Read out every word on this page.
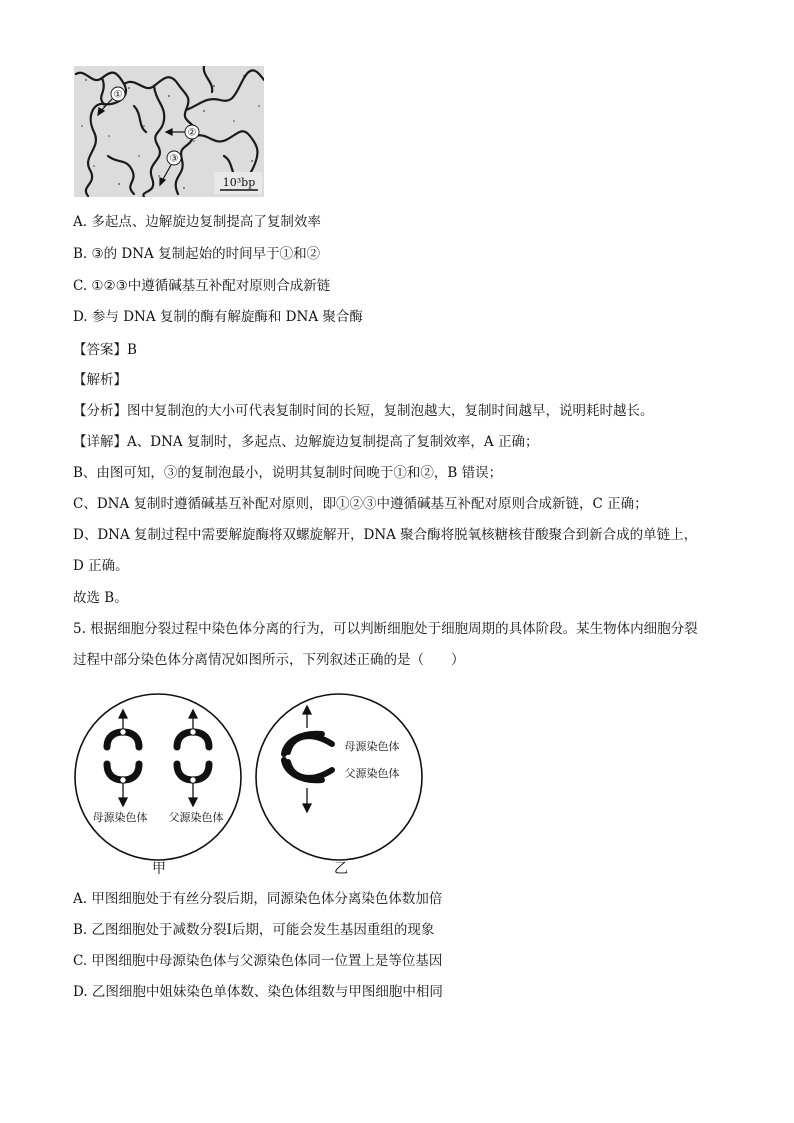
①
②
③
10³bp
A. 多起点、边解旋边复制提高了复制效率
B. ③的 DNA 复制起始的时间早于①和②
C. ①②③中遵循碱基互补配对原则合成新链
D. 参与 DNA 复制的酶有解旋酶和 DNA 聚合酶
【答案】B
【解析】
【分析】图中复制泡的大小可代表复制时间的长短，复制泡越大，复制时间越早，说明耗时越长。
【详解】A、DNA 复制时，多起点、边解旋边复制提高了复制效率，A 正确；
B、由图可知，③的复制泡最小，说明其复制时间晚于①和②，B 错误；
C、DNA 复制时遵循碱基互补配对原则，即①②③中遵循碱基互补配对原则合成新链，C 正确；
D、DNA 复制过程中需要解旋酶将双螺旋解开，DNA 聚合酶将脱氧核糖核苷酸聚合到新合成的单链上，
D 正确。
故选 B。
5. 根据细胞分裂过程中染色体分离的行为，可以判断细胞处于细胞周期的具体阶段。某生物体内细胞分裂
过程中部分染色体分离情况如图所示，下列叙述正确的是（　　）
母源染色体 父源染色体
母源染色体
父源染色体
甲	乙
A. 甲图细胞处于有丝分裂后期，同源染色体分离染色体数加倍
B. 乙图细胞处于减数分裂Ⅰ后期，可能会发生基因重组的现象
C. 甲图细胞中母源染色体与父源染色体同一位置上是等位基因
D. 乙图细胞中姐妹染色单体数、染色体组数与甲图细胞中相同
